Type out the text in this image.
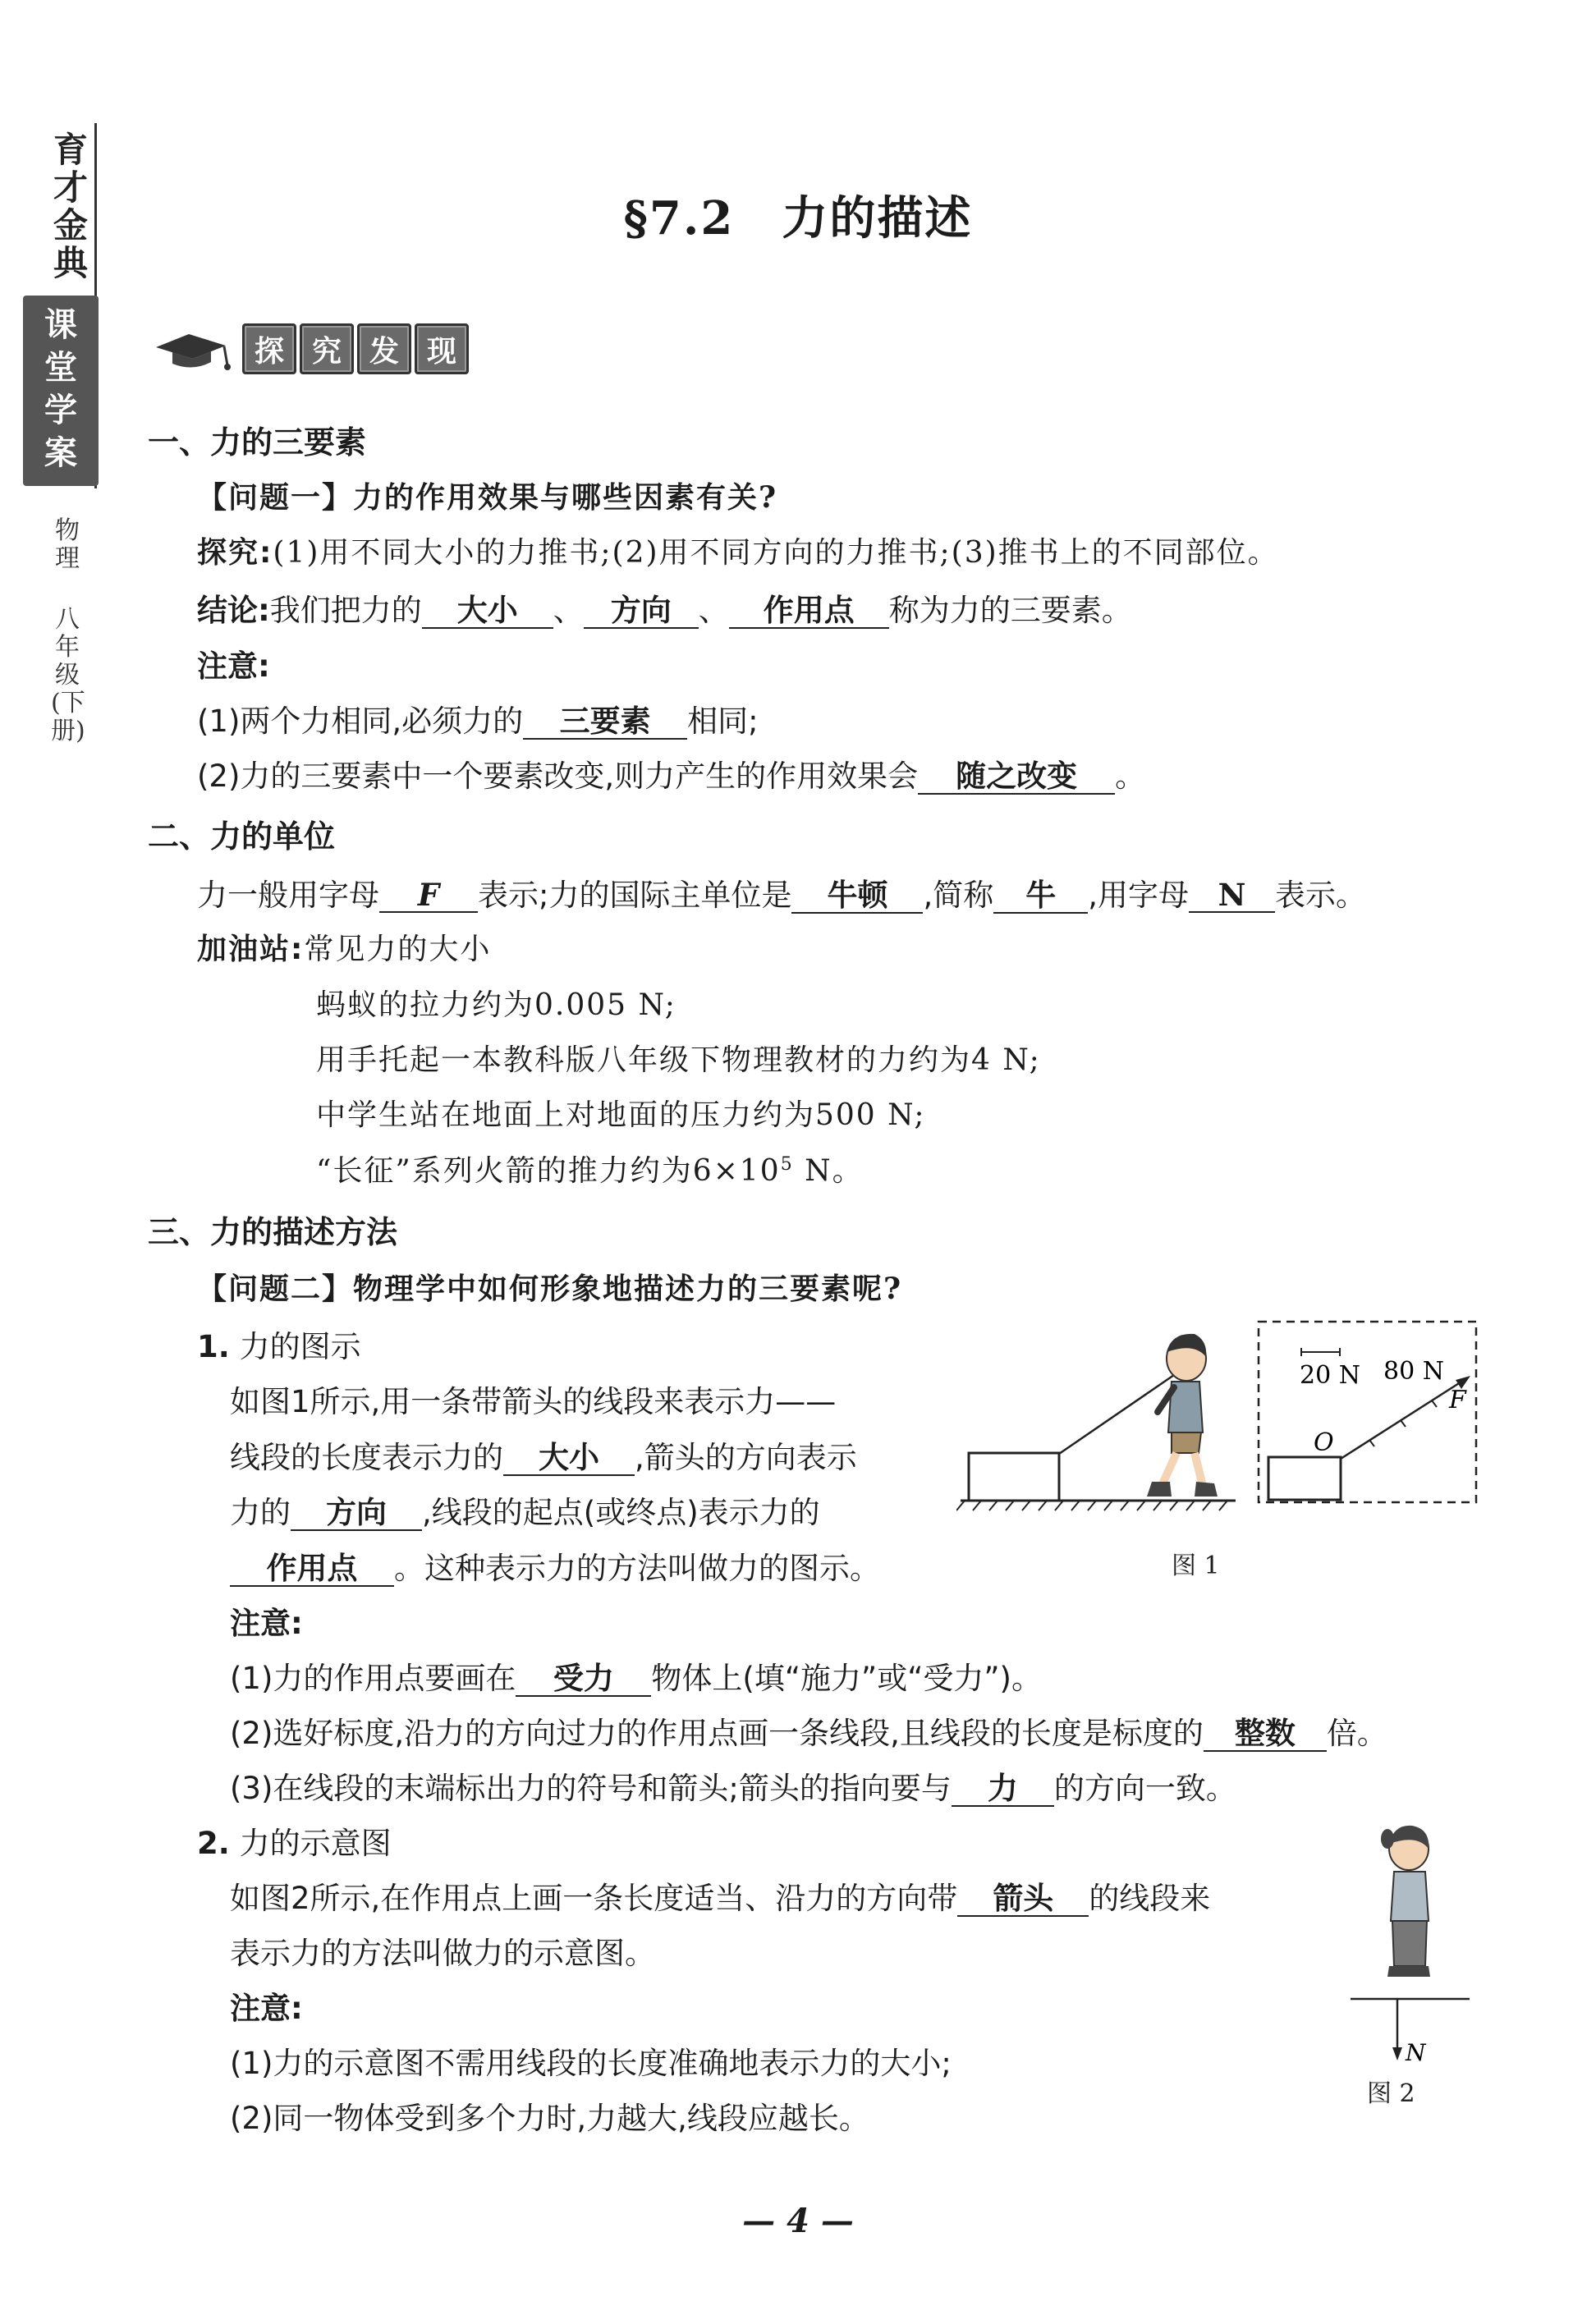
育才金典
课堂学案
物理
八年级(下册)
§7.2　力的描述
探 究 发 现
一、力的三要素
【问题一】力的作用效果与哪些因素有关?
探究:(1)用不同大小的力推书;(2)用不同方向的力推书;(3)推书上的不同部位。
结论:我们把力的 大小 、 方向 、 作用点 称为力的三要素。
注意:
(1)两个力相同,必须力的 三要素 相同;
(2)力的三要素中一个要素改变,则力产生的作用效果会 随之改变 。
二、力的单位
力一般用字母 F 表示;力的国际主单位是 牛顿 ,简称 牛 ,用字母 N 表示。
加油站:常见力的大小
蚂蚁的拉力约为0.005 N;
用手托起一本教科版八年级下物理教材的力约为4 N;
中学生站在地面上对地面的压力约为500 N;
“长征”系列火箭的推力约为$6\times 10^5$ N。
三、力的描述方法
【问题二】物理学中如何形象地描述力的三要素呢?
1. 力的图示
如图1所示,用一条带箭头的线段来表示力——
线段的长度表示力的 大小 ,箭头的方向表示
力的 方向 ,线段的起点(或终点)表示力的
作用点 。这种表示力的方法叫做力的图示。
20 N 80 N
F
O
图 1
注意:
(1)力的作用点要画在 受力 物体上(填“施力”或“受力”)。
(2)选好标度,沿力的方向过力的作用点画一条线段,且线段的长度是标度的 整数 倍。
(3)在线段的末端标出力的符号和箭头;箭头的指向要与 力 的方向一致。
2. 力的示意图
如图2所示,在作用点上画一条长度适当、沿力的方向带 箭头 的线段来
表示力的方法叫做力的示意图。
注意:
(1)力的示意图不需用线段的长度准确地表示力的大小;
(2)同一物体受到多个力时,力越大,线段应越长。
N
图 2
— 4 —
